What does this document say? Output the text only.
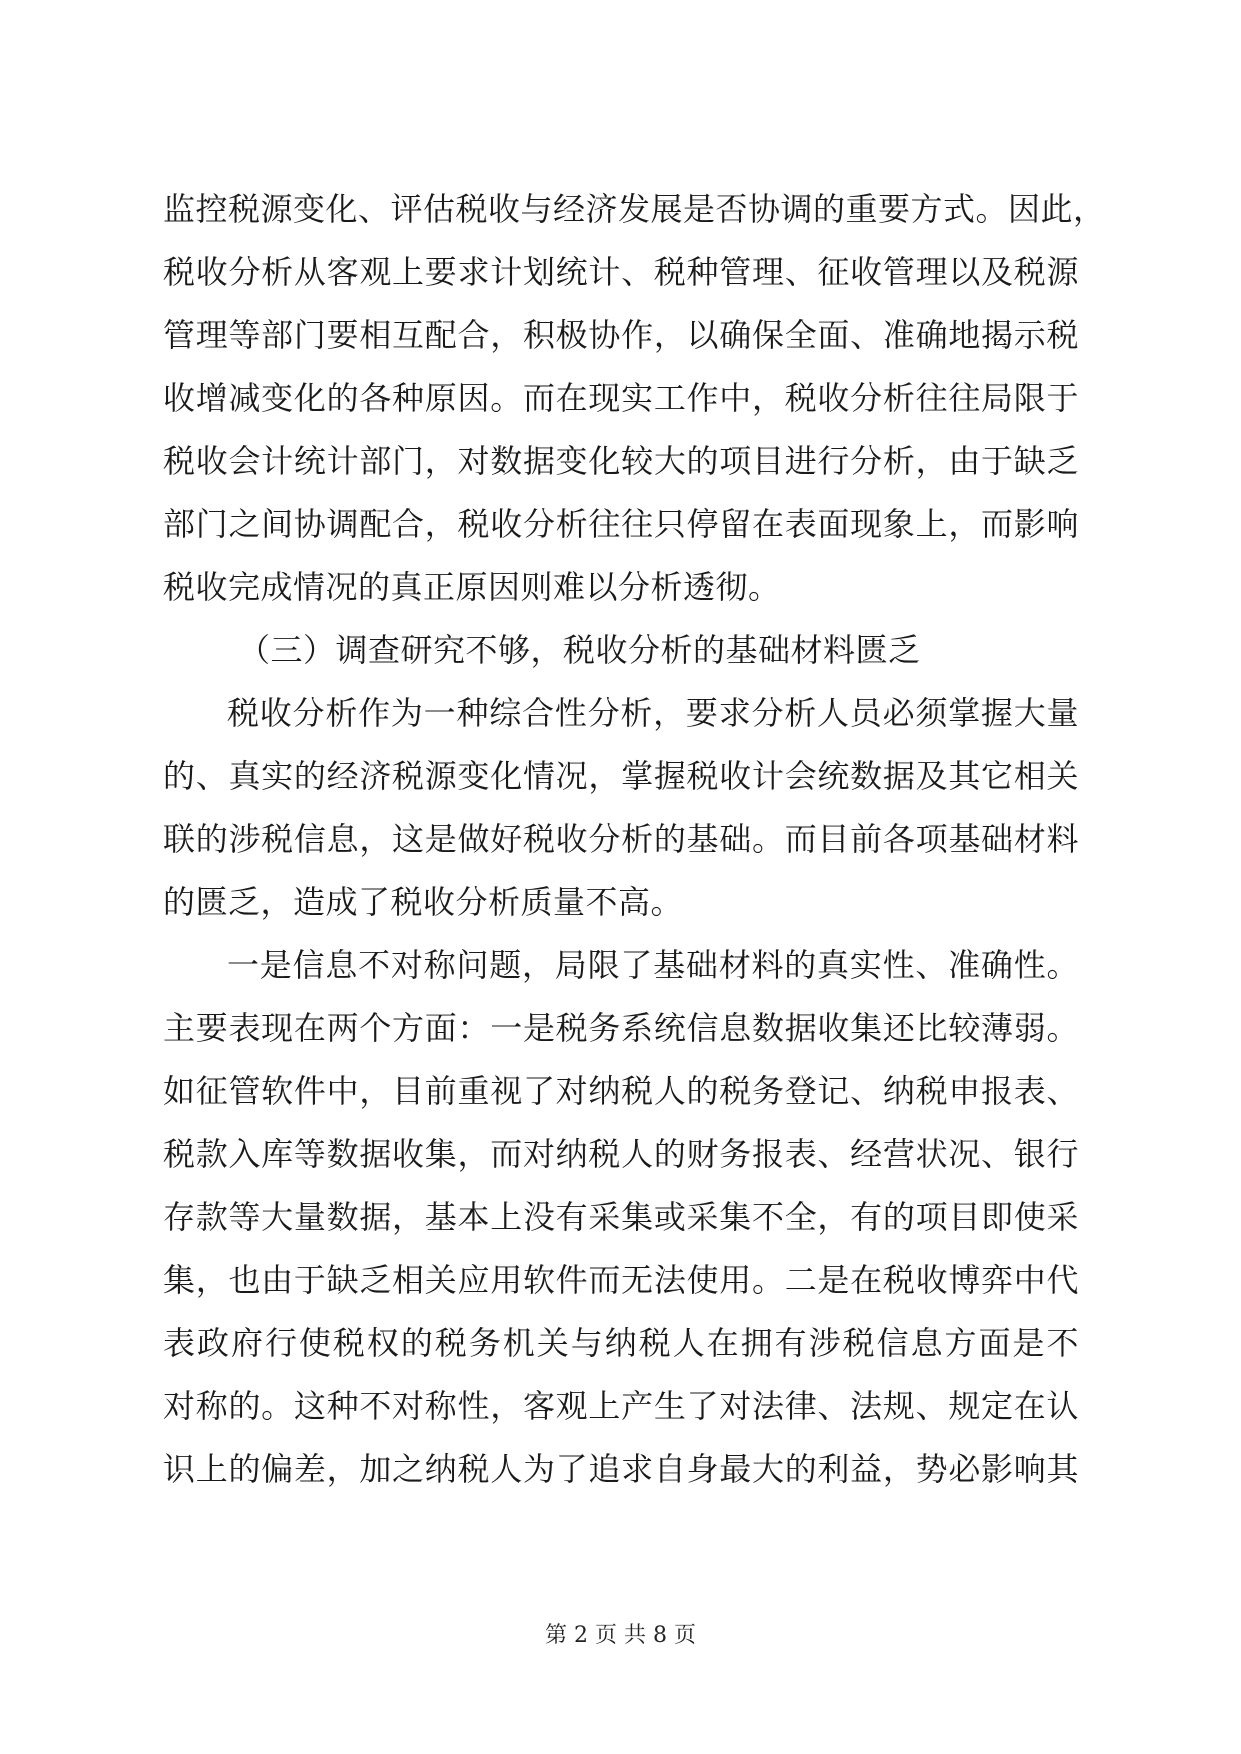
监控税源变化、评估税收与经济发展是否协调的重要方式。因此，
税收分析从客观上要求计划统计、税种管理、征收管理以及税源
管理等部门要相互配合，积极协作，以确保全面、准确地揭示税
收增减变化的各种原因。而在现实工作中，税收分析往往局限于
税收会计统计部门，对数据变化较大的项目进行分析，由于缺乏
部门之间协调配合，税收分析往往只停留在表面现象上，而影响
税收完成情况的真正原因则难以分析透彻。
（三）调查研究不够，税收分析的基础材料匮乏
税收分析作为一种综合性分析，要求分析人员必须掌握大量
的、真实的经济税源变化情况，掌握税收计会统数据及其它相关
联的涉税信息，这是做好税收分析的基础。而目前各项基础材料
的匮乏，造成了税收分析质量不高。
一是信息不对称问题，局限了基础材料的真实性、准确性。
主要表现在两个方面：一是税务系统信息数据收集还比较薄弱。
如征管软件中，目前重视了对纳税人的税务登记、纳税申报表、
税款入库等数据收集，而对纳税人的财务报表、经营状况、银行
存款等大量数据，基本上没有采集或采集不全，有的项目即使采
集，也由于缺乏相关应用软件而无法使用。二是在税收博弈中代
表政府行使税权的税务机关与纳税人在拥有涉税信息方面是不
对称的。这种不对称性，客观上产生了对法律、法规、规定在认
识上的偏差，加之纳税人为了追求自身最大的利益，势必影响其
第 2 页 共 8 页
